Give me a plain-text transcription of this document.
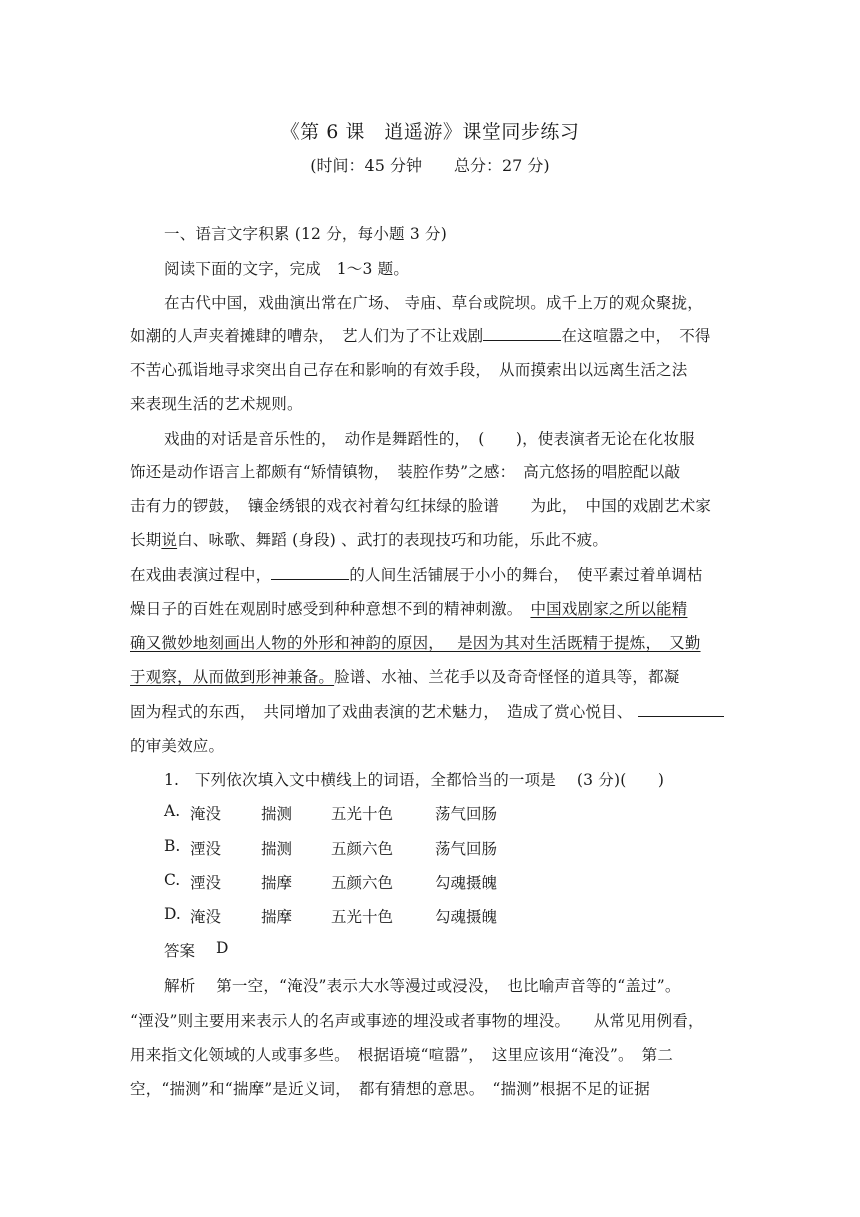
《第 6 课　逍遥游》课堂同步练习
(时间：45 分钟　　总分：27 分)
一、语言文字积累 (12 分，每小题 3 分)
阅读下面的文字，完成　1～3 题。
在古代中国，戏曲演出常在广场、 寺庙、草台或院坝。成千上万的观众聚拢，
如潮的人声夹着摊肆的嘈杂，　艺人们为了不让戏剧	在这喧嚣之中，　不得
不苦心孤诣地寻求突出自己存在和影响的有效手段，　从而摸索出以远离生活之法
来表现生活的艺术规则。
戏曲的对话是音乐性的，　动作是舞蹈性的，　(　　)，使表演者无论在化妆服
饰还是动作语言上都颇有“矫情镇物，　装腔作势”之感：　高亢悠扬的唱腔配以敲
击有力的锣鼓，　镶金绣银的戏衣衬着勾红抹绿的脸谱　　为此，　中国的戏剧艺术家
长期说白、咏歌、舞蹈 (身段) 、武打的表现技巧和功能，乐此不疲。
在戏曲表演过程中，	的人间生活铺展于小小的舞台，　使平素过着单调枯
燥日子的百姓在观剧时感受到种种意想不到的精神刺激。　中国戏剧家之所以能精
确又微妙地刻画出人物的外形和神韵的原因，　 是因为其对生活既精于提炼，　又勤
于观察，从而做到形神兼备。脸谱、水袖、兰花手以及奇奇怪怪的道具等，都凝
固为程式的东西，　共同增加了戏曲表演的艺术魅力，　造成了赏心悦目、
的审美效应。
1.　下列依次填入文中横线上的词语，全都恰当的一项是　 (3 分)(　　)
A. 淹没	揣测	五光十色	荡气回肠
B. 湮没	揣测	五颜六色	荡气回肠
C. 湮没	揣摩	五颜六色	勾魂摄魄
D. 淹没	揣摩	五光十色	勾魂摄魄
答案 D
解析　 第一空，“淹没”表示大水等漫过或浸没，　也比喻声音等的“盖过”。
“湮没”则主要用来表示人的名声或事迹的埋没或者事物的埋没。　　从常见用例看，
用来指文化领域的人或事多些。　根据语境“喧嚣”，　这里应该用“淹没”。　第二
空，“揣测”和“揣摩”是近义词，　都有猜想的意思。　“揣测”根据不足的证据
